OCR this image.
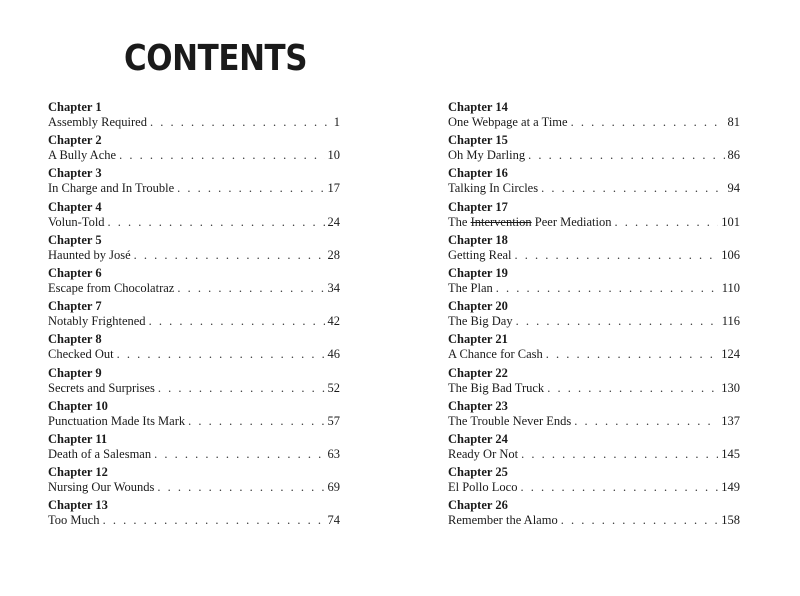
CONTENTS
Chapter 1
Assembly Required . . .	1
Chapter 2
A Bully Ache . . .	10
Chapter 3
In Charge and In Trouble . . .	17
Chapter 4
Volun-Told . . .	24
Chapter 5
Haunted by José . . .	28
Chapter 6
Escape from Chocolatraz . . .	34
Chapter 7
Notably Frightened . . .	42
Chapter 8
Checked Out . . .	46
Chapter 9
Secrets and Surprises . . .	52
Chapter 10
Punctuation Made Its Mark . . .	57
Chapter 11
Death of a Salesman . . .	63
Chapter 12
Nursing Our Wounds . . .	69
Chapter 13
Too Much . . .	74
Chapter 14
One Webpage at a Time . . .	81
Chapter 15
Oh My Darling . . .	86
Chapter 16
Talking In Circles . . .	94
Chapter 17
The Intervention Peer Mediation . . .	101
Chapter 18
Getting Real . . .	106
Chapter 19
The Plan . . .	110
Chapter 20
The Big Day . . .	116
Chapter 21
A Chance for Cash . . .	124
Chapter 22
The Big Bad Truck . . .	130
Chapter 23
The Trouble Never Ends . . .	137
Chapter 24
Ready Or Not . . .	145
Chapter 25
El Pollo Loco . . .	149
Chapter 26
Remember the Alamo . . .	158
